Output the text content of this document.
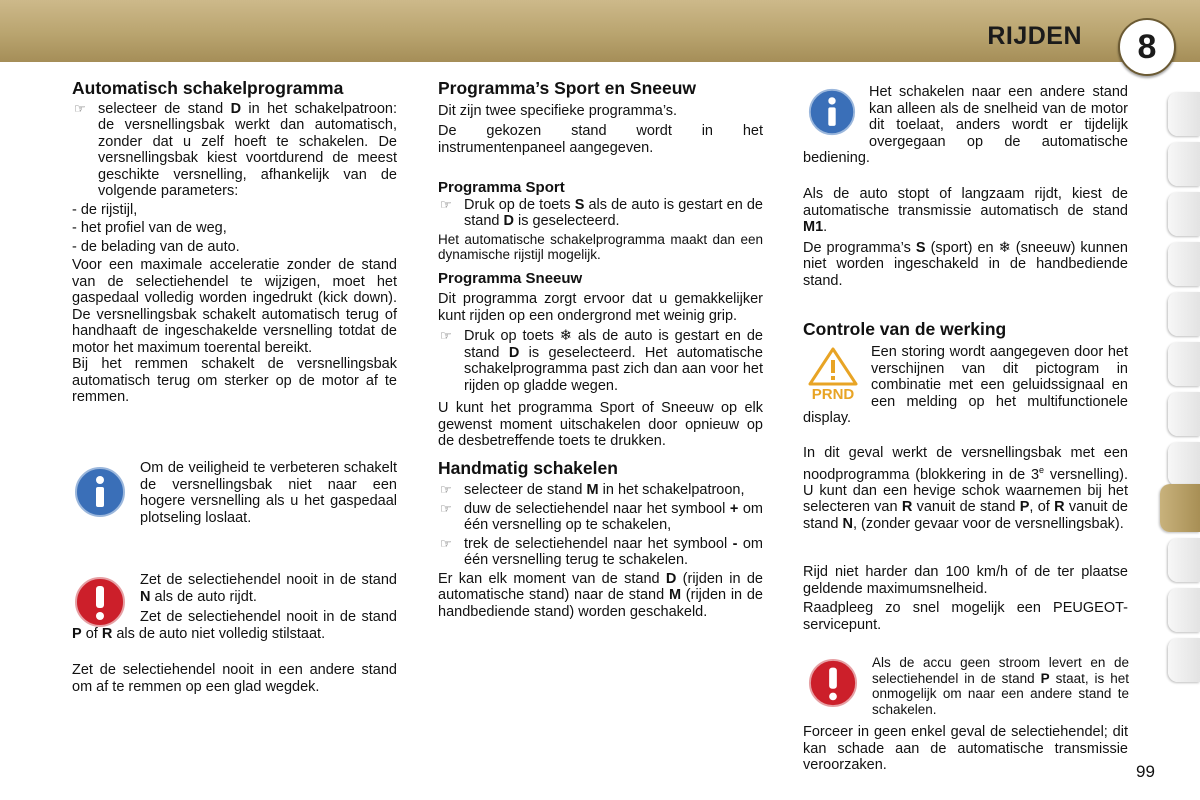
RIJDEN	8
Automatisch schakelprogramma

☞ selecteer de stand D in het schakelpatroon: de versnellingsbak werkt dan automatisch, zonder dat u zelf hoeft te schakelen. De versnellingsbak kiest voortdurend de meest geschikte versnelling, afhankelijk van de volgende parameters:

- de rijstijl,

- het profiel van de weg,

- de belading van de auto.

Voor een maximale acceleratie zonder de stand van de selectiehendel te wijzigen, moet het gaspedaal volledig worden ingedrukt (kick down). De versnellingsbak schakelt automatisch terug of handhaaft de ingeschakelde versnelling totdat de motor het maximum toerental bereikt.

Bij het remmen schakelt de versnellingsbak automatisch terug om sterker op de motor af te remmen.

Om de veiligheid te verbeteren schakelt de versnellingsbak niet naar een hogere versnelling als u het gaspedaal plotseling loslaat.
Zet de selectiehendel nooit in de stand N als de auto rijdt.
Zet de selectiehendel nooit in de stand P of R als de auto niet volledig stilstaat.
Zet de selectiehendel nooit in een andere stand om af te remmen op een glad wegdek.
Programma’s Sport en Sneeuw

Dit zijn twee specifieke programma’s.

De gekozen stand wordt in het instrumentenpaneel aangegeven.

Programma Sport

☞ Druk op de toets S als de auto is gestart en de stand D is geselecteerd.

Het automatische schakelprogramma maakt dan een dynamische rijstijl mogelijk.

Programma Sneeuw

Dit programma zorgt ervoor dat u gemakkelijker kunt rijden op een ondergrond met weinig grip.

☞ Druk op toets ❄ als de auto is gestart en de stand D is geselecteerd. Het automatische schakelprogramma past zich dan aan voor het rijden op gladde wegen.

U kunt het programma Sport of Sneeuw op elk gewenst moment uitschakelen door opnieuw op de desbetreffende toets te drukken.

Handmatig schakelen

☞ selecteer de stand M in het schakelpatroon,

☞ duw de selectiehendel naar het symbool + om één versnelling op te schakelen,

☞ trek de selectiehendel naar het symbool - om één versnelling terug te schakelen.

Er kan elk moment van de stand D (rijden in de automatische stand) naar de stand M (rijden in de handbediende stand) worden geschakeld.

Het schakelen naar een andere stand kan alleen als de snelheid van de motor dit toelaat, anders wordt er tijdelijk overgegaan op de automatische bediening.

Als de auto stopt of langzaam rijdt, kiest de automatische transmissie automatisch de stand M1.

De programma’s S (sport) en ❄ (sneeuw) kunnen niet worden ingeschakeld in de handbediende stand.

Controle van de werking
PRND
Een storing wordt aangegeven door het verschijnen van dit pictogram in combinatie met een geluidssignaal en een melding op het multifunctionele display.
In dit geval werkt de versnellingsbak met een noodprogramma (blokkering in de 3e versnelling). U kunt dan een hevige schok waarnemen bij het selecteren van R vanuit de stand P, of R vanuit de stand N, (zonder gevaar voor de versnellingsbak).
Rijd niet harder dan 100 km/h of de ter plaatse geldende maximumsnelheid.
Raadpleeg zo snel mogelijk een PEUGEOT-servicepunt.
Als de accu geen stroom levert en de selectiehendel in de stand P staat, is het onmogelijk om naar een andere stand te schakelen.
Forceer in geen enkel geval de selectiehendel; dit kan schade aan de automatische transmissie veroorzaken.	99
